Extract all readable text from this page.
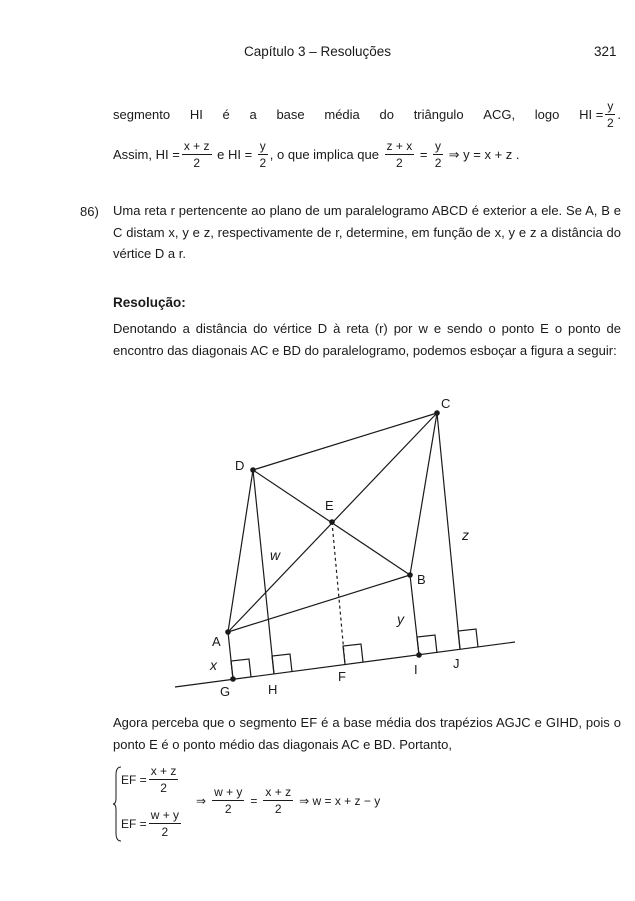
Capítulo 3 – Resoluções	321
segmento HI é a base média do triângulo ACG, logo HI = $\frac{y}{2}$ .
Assim, HI = $\frac{x + z}{2}$ e HI = $\frac{y}{2}$ , o que implica que $\frac{z + x}{2} = \frac{y}{2}$ ⇒ y = x + z .
86) Uma reta r pertencente ao plano de um paralelogramo ABCD é exterior a ele. Se A, B e C distam x, y e z, respectivamente de r, determine, em função de x, y e z a distância do vértice D a r.
Resolução:
Denotando a distância do vértice D à reta (r) por w e sendo o ponto E o ponto de encontro das diagonais AC e BD do paralelogramo, podemos esboçar a figura a seguir:
A
B
C
D
E
F
G	H
I	J
x
y
z
w
Agora perceba que o segmento EF é a base média dos trapézios AGJC e GIHD, pois o ponto E é o ponto médio das diagonais AC e BD. Portanto,
EF = $\frac{x + z}{2}$
EF = $\frac{w + y}{2}$
⇒ $\frac{w + y}{2} = \frac{x + z}{2}$ ⇒ w = x + z − y
